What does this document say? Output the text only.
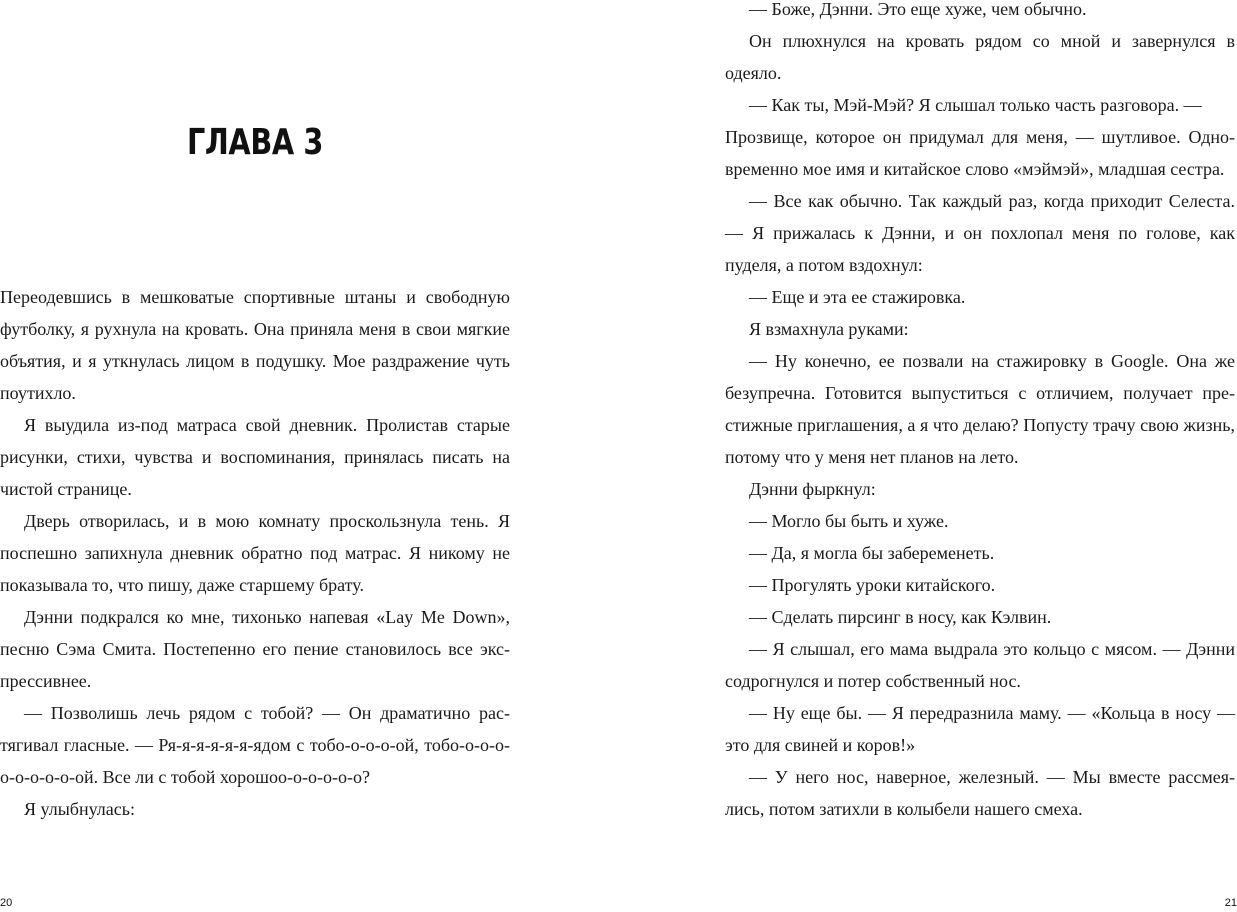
ГЛАВА 3

Переодевшись в мешковатые спортивные штаны и свободную футболку, я рухнула на кровать. Она приняла меня в свои мягкие объятия, и я уткнулась лицом в подушку. Мое раздражение чуть поутихло.

Я выудила из-под матраса свой дневник. Пролистав старые рисунки, стихи, чувства и воспоминания, принялась писать на чистой странице.

Дверь отворилась, и в мою комнату проскользнула тень. Я поспешно запихнула дневник обратно под матрас. Я никому не показывала то, что пишу, даже старшему брату.

Дэнни подкрался ко мне, тихонько напевая «Lay Me Down», песню Сэма Смита. Постепенно его пение становилось все экспрессивнее.

— Позволишь лечь рядом с тобой? — Он драматично растягивал гласные. — Ря-я-я-я-я-я-ядом с тобо-о-о-о-ой, тобо-о-о-о-о-о-о-о-о-ой. Все ли с тобой хорошоо-о-о-о-о-о?

Я улыбнулась:

20

— Боже, Дэнни. Это еще хуже, чем обычно.

Он плюхнулся на кровать рядом со мной и завернулся в одеяло.

— Как ты, Мэй-Мэй? Я слышал только часть разговора. —

Прозвище, которое он придумал для меня, — шутливое. Одновременно мое имя и китайское слово «мэймэй», младшая сестра.

— Все как обычно. Так каждый раз, когда приходит Селеста. — Я прижалась к Дэнни, и он похлопал меня по голове, как пуделя, а потом вздохнул:

— Еще и эта ее стажировка.

Я взмахнула руками:

— Ну конечно, ее позвали на стажировку в Google. Она же безупречна. Готовится выпуститься с отличием, получает престижные приглашения, а я что делаю? Попусту трачу свою жизнь, потому что у меня нет планов на лето.

Дэнни фыркнул:

— Могло бы быть и хуже.

— Да, я могла бы забеременеть.

— Прогулять уроки китайского.

— Сделать пирсинг в носу, как Кэлвин.

— Я слышал, его мама выдрала это кольцо с мясом. — Дэнни содрогнулся и потер собственный нос.

— Ну еще бы. — Я передразнила маму. — «Кольца в носу — это для свиней и коров!»

— У него нос, наверное, железный. — Мы вместе рассмеялись, потом затихли в колыбели нашего смеха.

21
